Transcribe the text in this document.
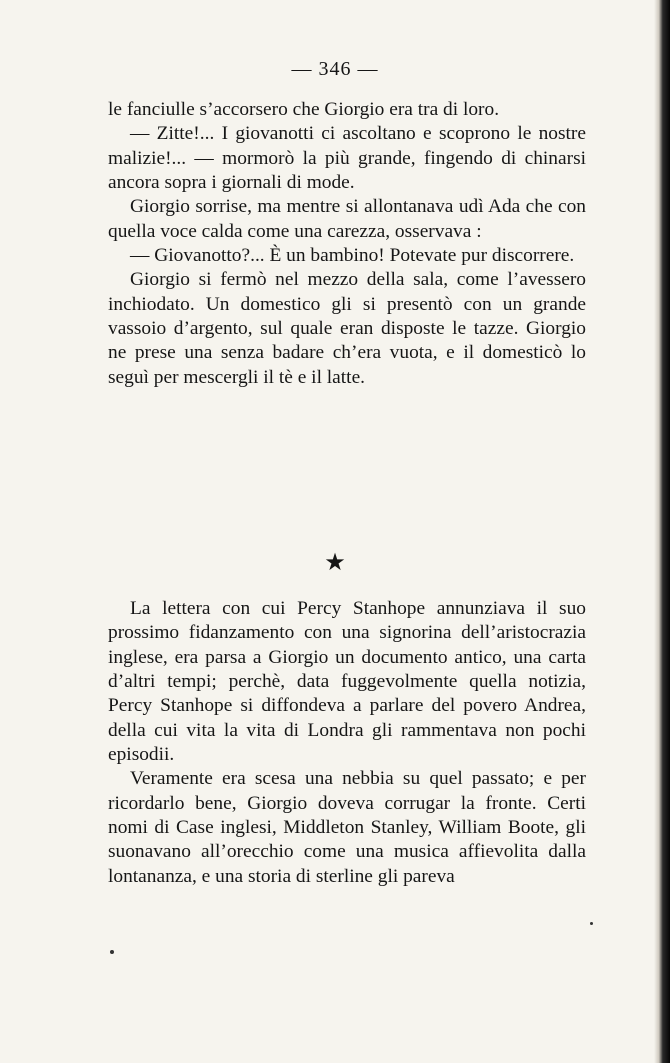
— 346 —

le fanciulle s’accorsero che Giorgio era tra di loro.

— Zitte!... I giovanotti ci ascoltano e scoprono le nostre malizie!... — mormorò la più grande, fingendo di chinarsi ancora sopra i giornali di mode.

Giorgio sorrise, ma mentre si allontanava udì Ada che con quella voce calda come una carezza, osservava :

— Giovanotto?... È un bambino! Potevate pur discorrere.

Giorgio si fermò nel mezzo della sala, come l’avessero inchiodato. Un domestico gli si presentò con un grande vassoio d’argento, sul quale eran disposte le tazze. Giorgio ne prese una senza badare ch’era vuota, e il domesticò lo seguì per mescergli il tè e il latte.

★

La lettera con cui Percy Stanhope annunziava il suo prossimo fidanzamento con una signorina dell’aristocrazia inglese, era parsa a Giorgio un documento antico, una carta d’altri tempi; perchè, data fuggevolmente quella notizia, Percy Stanhope si diffondeva a parlare del povero Andrea, della cui vita la vita di Londra gli rammentava non pochi episodii.

Veramente era scesa una nebbia su quel passato; e per ricordarlo bene, Giorgio doveva corrugar la fronte. Certi nomi di Case inglesi, Middleton Stanley, William Boote, gli suonavano all’orecchio come una musica affievolita dalla lontananza, e una storia di sterline gli pareva
